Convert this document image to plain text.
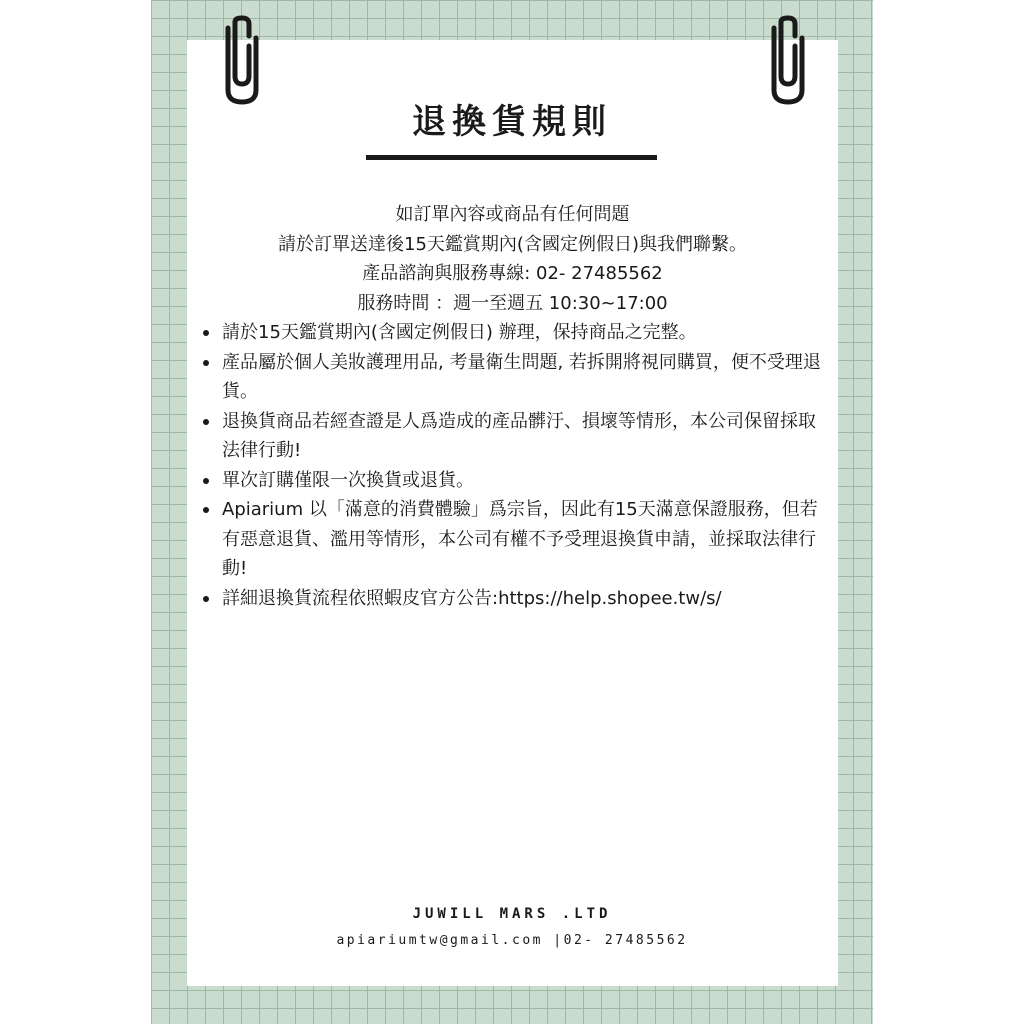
退換貨規則
如訂單內容或商品有任何問題
請於訂單送達後15天鑑賞期內(含國定例假日)與我們聯繫。
產品諮詢與服務專線: 02- 27485562
服務時間 ：週一至週五 10:30~17:00
請於15天鑑賞期內(含國定例假日) 辦理，保持商品之完整。
產品屬於個人美妝護理用品, 考量衛生問題, 若拆開將視同購買，便不受理退貨。
退換貨商品若經查證是人爲造成的產品髒汙、損壞等情形，本公司保留採取法律行動!
單次訂購僅限一次換貨或退貨。
Apiarium 以「滿意的消費體驗」爲宗旨，因此有15天滿意保證服務，但若有惡意退貨、濫用等情形，本公司有權不予受理退換貨申請，並採取法律行動!
詳細退換貨流程依照蝦皮官方公告:https://help.shopee.tw/s/
JUWILL MARS .LTD
apiariumtw@gmail.com |02- 27485562
